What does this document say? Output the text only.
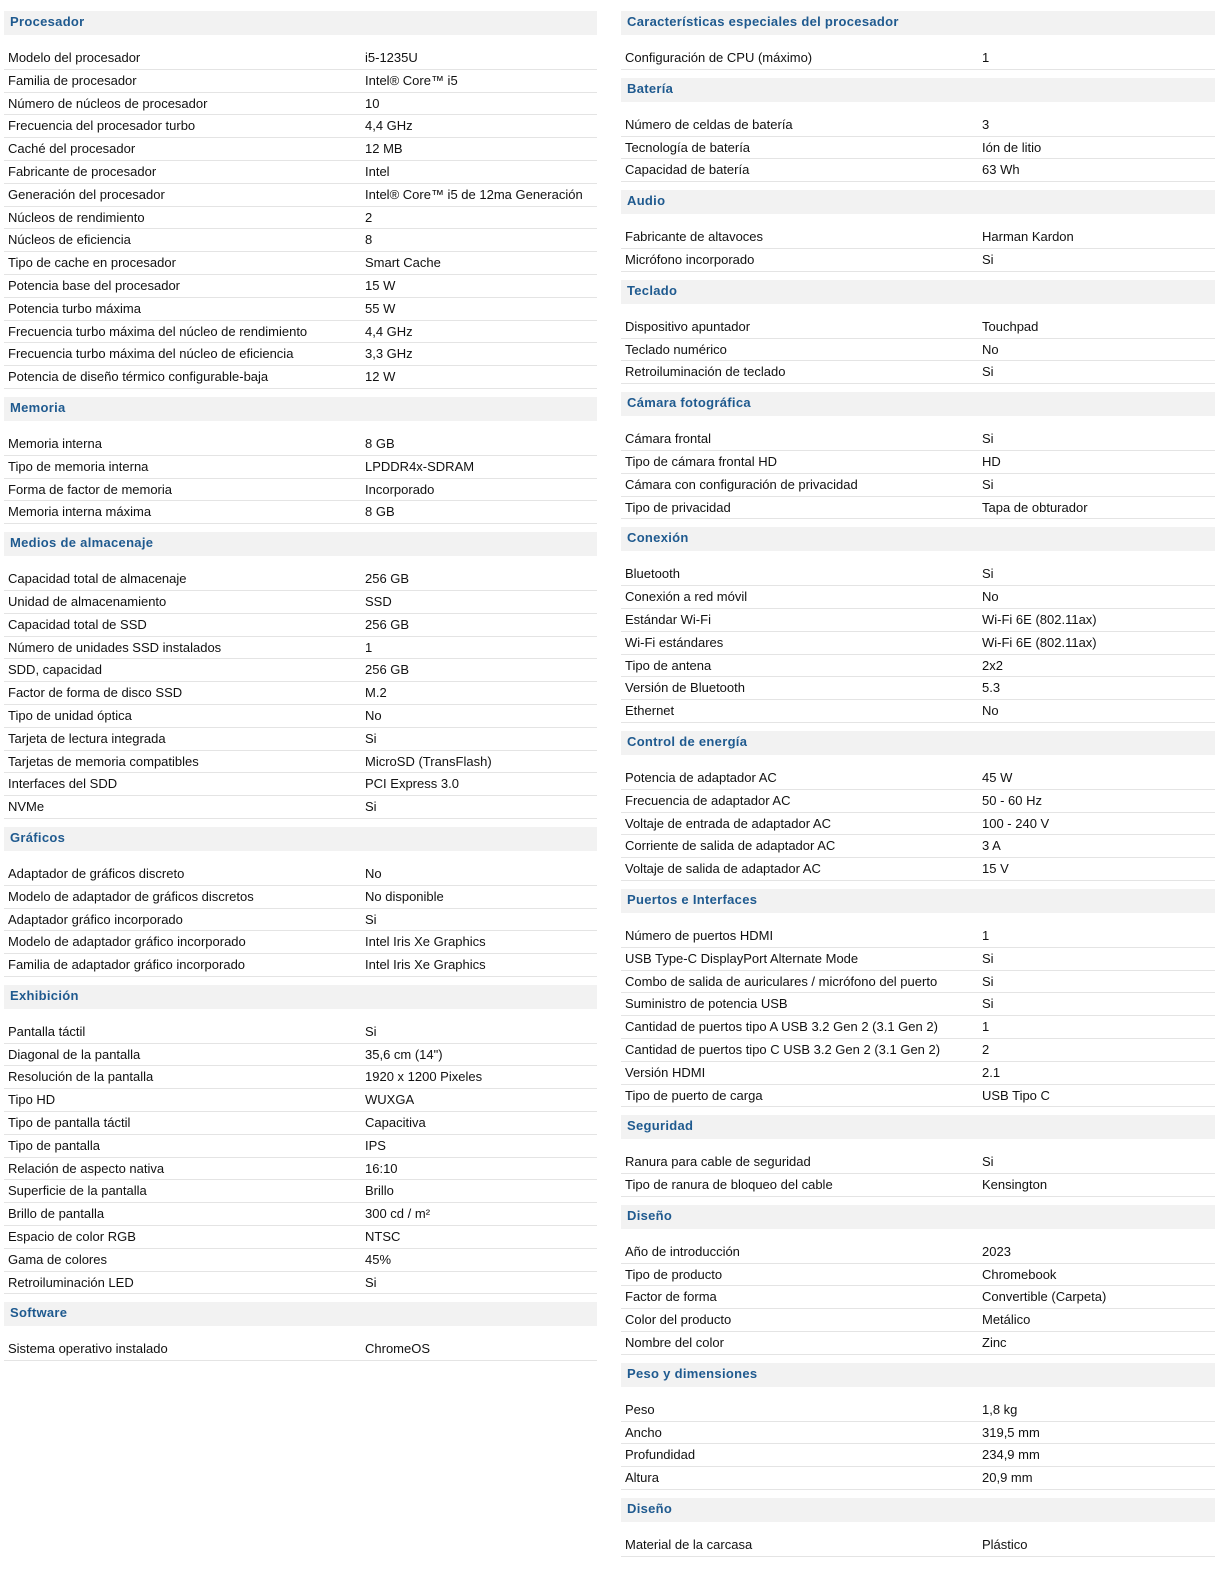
Procesador
Modelo del procesador	i5-1235U
Familia de procesador	Intel® Core™ i5
Número de núcleos de procesador	10
Frecuencia del procesador turbo	4,4 GHz
Caché del procesador	12 MB
Fabricante de procesador	Intel
Generación del procesador	Intel® Core™ i5 de 12ma Generación
Núcleos de rendimiento	2
Núcleos de eficiencia	8
Tipo de cache en procesador	Smart Cache
Potencia base del procesador	15 W
Potencia turbo máxima	55 W
Frecuencia turbo máxima del núcleo de rendimiento	4,4 GHz
Frecuencia turbo máxima del núcleo de eficiencia	3,3 GHz
Potencia de diseño térmico configurable-baja	12 W
Memoria
Memoria interna	8 GB
Tipo de memoria interna	LPDDR4x-SDRAM
Forma de factor de memoria	Incorporado
Memoria interna máxima	8 GB
Medios de almacenaje
Capacidad total de almacenaje	256 GB
Unidad de almacenamiento	SSD
Capacidad total de SSD	256 GB
Número de unidades SSD instalados	1
SDD, capacidad	256 GB
Factor de forma de disco SSD	M.2
Tipo de unidad óptica	No
Tarjeta de lectura integrada	Si
Tarjetas de memoria compatibles	MicroSD (TransFlash)
Interfaces del SDD	PCI Express 3.0
NVMe	Si
Gráficos
Adaptador de gráficos discreto	No
Modelo de adaptador de gráficos discretos	No disponible
Adaptador gráfico incorporado	Si
Modelo de adaptador gráfico incorporado	Intel Iris Xe Graphics
Familia de adaptador gráfico incorporado	Intel Iris Xe Graphics
Exhibición
Pantalla táctil	Si
Diagonal de la pantalla	35,6 cm (14")
Resolución de la pantalla	1920 x 1200 Pixeles
Tipo HD	WUXGA
Tipo de pantalla táctil	Capacitiva
Tipo de pantalla	IPS
Relación de aspecto nativa	16:10
Superficie de la pantalla	Brillo
Brillo de pantalla	300 cd / m²
Espacio de color RGB	NTSC
Gama de colores	45%
Retroiluminación LED	Si
Software
Sistema operativo instalado	ChromeOS
Características especiales del procesador
Configuración de CPU (máximo)	1
Batería
Número de celdas de batería	3
Tecnología de batería	Ión de litio
Capacidad de batería	63 Wh
Audio
Fabricante de altavoces	Harman Kardon
Micrófono incorporado	Si
Teclado
Dispositivo apuntador	Touchpad
Teclado numérico	No
Retroiluminación de teclado	Si
Cámara fotográfica
Cámara frontal	Si
Tipo de cámara frontal HD	HD
Cámara con configuración de privacidad	Si
Tipo de privacidad	Tapa de obturador
Conexión
Bluetooth	Si
Conexión a red móvil	No
Estándar Wi-Fi	Wi-Fi 6E (802.11ax)
Wi-Fi estándares	Wi-Fi 6E (802.11ax)
Tipo de antena	2x2
Versión de Bluetooth	5.3
Ethernet	No
Control de energía
Potencia de adaptador AC	45 W
Frecuencia de adaptador AC	50 - 60 Hz
Voltaje de entrada de adaptador AC	100 - 240 V
Corriente de salida de adaptador AC	3 A
Voltaje de salida de adaptador AC	15 V
Puertos e Interfaces
Número de puertos HDMI	1
USB Type-C DisplayPort Alternate Mode	Si
Combo de salida de auriculares / micrófono del puerto	Si
Suministro de potencia USB	Si
Cantidad de puertos tipo A USB 3.2 Gen 2 (3.1 Gen 2)	1
Cantidad de puertos tipo C USB 3.2 Gen 2 (3.1 Gen 2)	2
Versión HDMI	2.1
Tipo de puerto de carga	USB Tipo C
Seguridad
Ranura para cable de seguridad	Si
Tipo de ranura de bloqueo del cable	Kensington
Diseño
Año de introducción	2023
Tipo de producto	Chromebook
Factor de forma	Convertible (Carpeta)
Color del producto	Metálico
Nombre del color	Zinc
Peso y dimensiones
Peso	1,8 kg
Ancho	319,5 mm
Profundidad	234,9 mm
Altura	20,9 mm
Diseño
Material de la carcasa	Plástico
